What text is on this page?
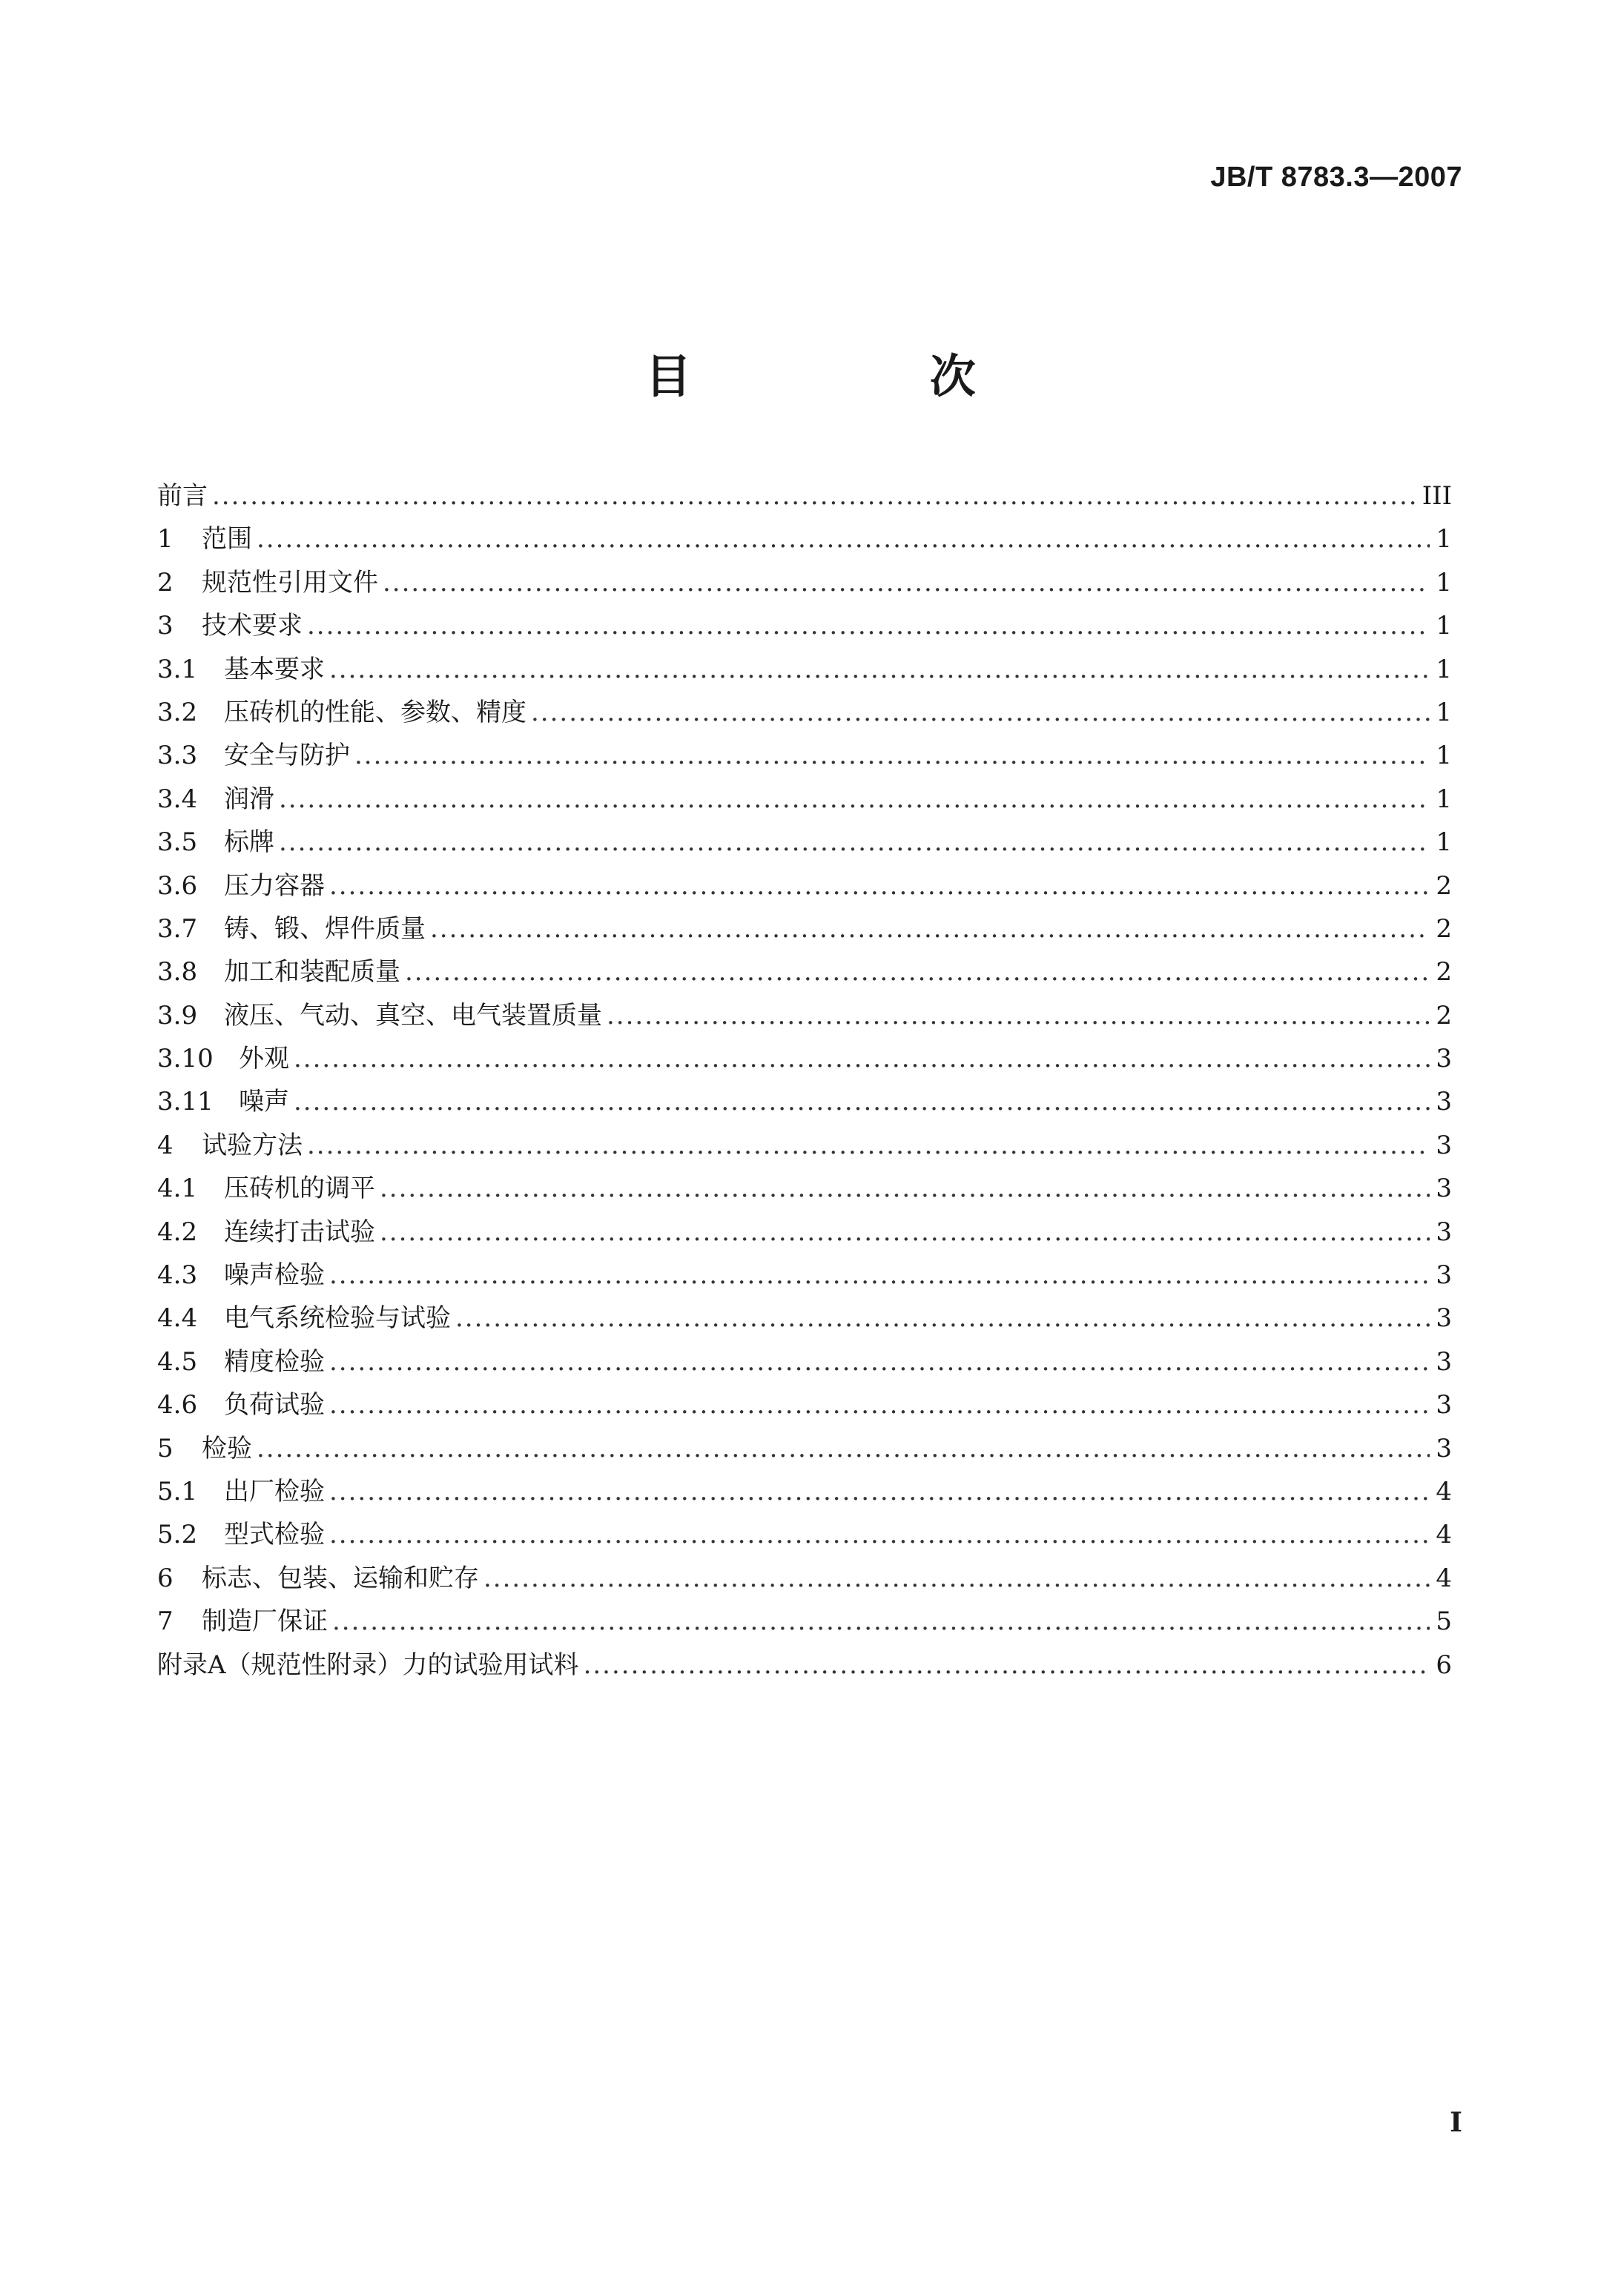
JB/T 8783.3—2007
目 次
前言 .....	III
1	范围 .....	1
2	规范性引用文件 .....	1
3	技术要求 .....	1
3.1	基本要求 .....	1
3.2	压砖机的性能、参数、精度 .....	1
3.3	安全与防护 .....	1
3.4	润滑 .....	1
3.5	标牌 .....	1
3.6	压力容器 .....	2
3.7	铸、锻、焊件质量 .....	2
3.8	加工和装配质量 .....	2
3.9	液压、气动、真空、电气装置质量 .....	2
3.10	外观 .....	3
3.11	噪声 .....	3
4	试验方法 .....	3
4.1	压砖机的调平 .....	3
4.2	连续打击试验 .....	3
4.3	噪声检验 .....	3
4.4	电气系统检验与试验 .....	3
4.5	精度检验 .....	3
4.6	负荷试验 .....	3
5	检验 .....	3
5.1	出厂检验 .....	4
5.2	型式检验 .....	4
6	标志、包装、运输和贮存 .....	4
7	制造厂保证 .....	5
附录A（规范性附录）力的试验用试料 .....	6
I
